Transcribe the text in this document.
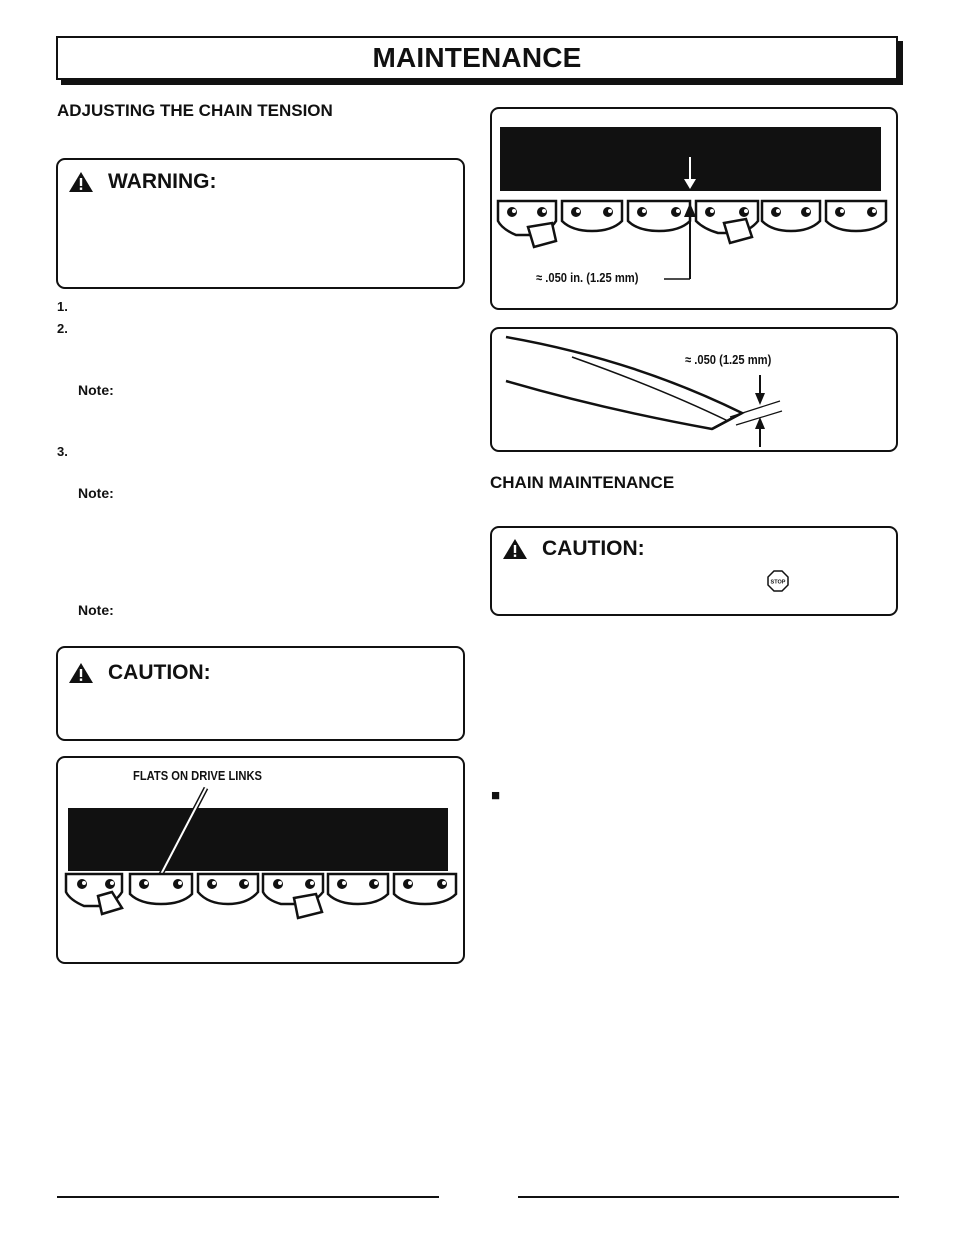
MAINTENANCE
ADJUSTING THE CHAIN TENSION
WARNING:
1.
2.
Note:
3.
Note:
Note:
CAUTION:
FLATS ON DRIVE LINKS
≈ .050 in. (1.25 mm)
≈ .050 (1.25 mm)
CHAIN MAINTENANCE
CAUTION:
STOP
■
